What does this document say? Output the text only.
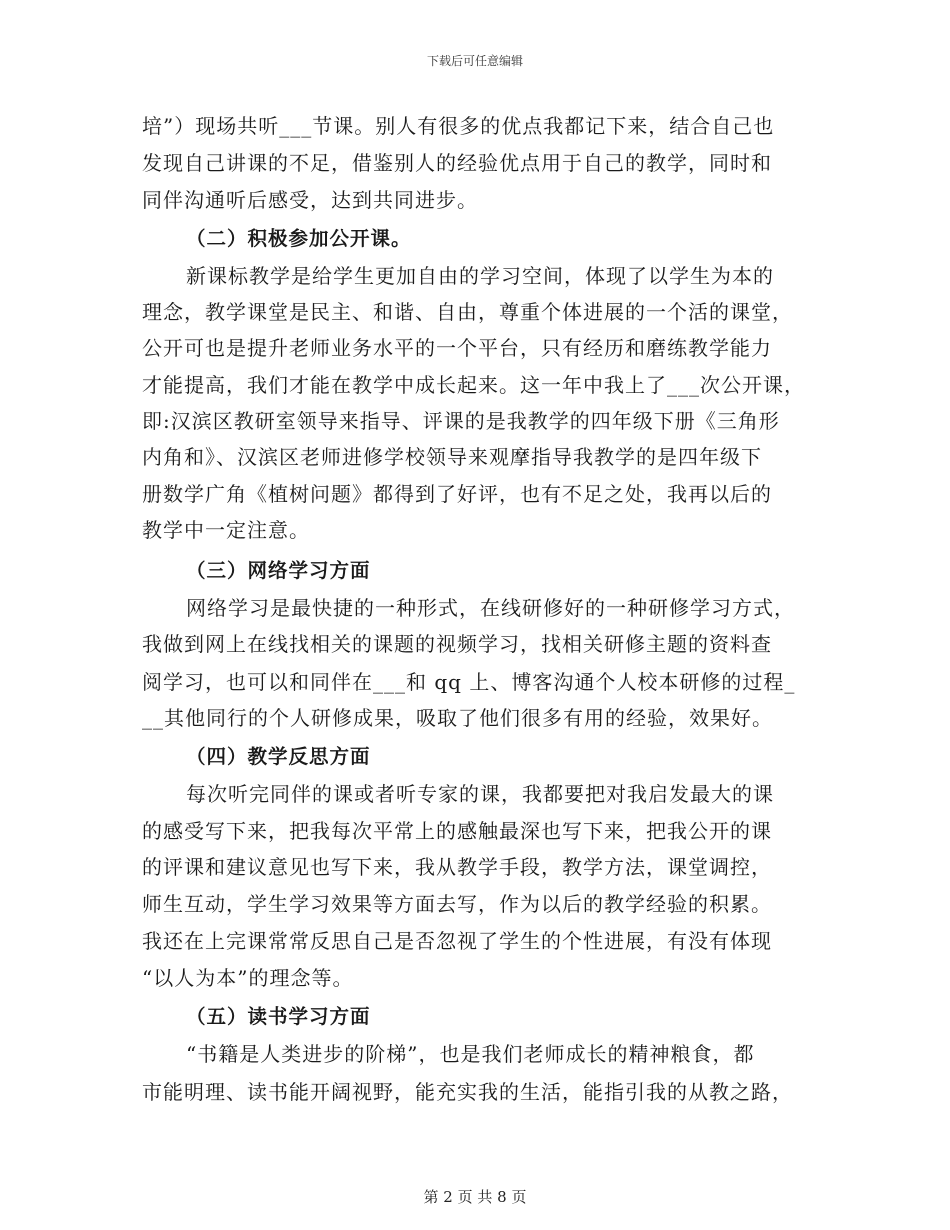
下载后可任意编辑
培”）现场共听___节课。别人有很多的优点我都记下来，结合自己也
发现自己讲课的不足，借鉴别人的经验优点用于自己的教学，同时和
同伴沟通听后感受，达到共同进步。
（二）积极参加公开课。
新课标教学是给学生更加自由的学习空间，体现了以学生为本的
理念，教学课堂是民主、和谐、自由，尊重个体进展的一个活的课堂，
公开可也是提升老师业务水平的一个平台，只有经历和磨练教学能力
才能提高，我们才能在教学中成长起来。这一年中我上了___次公开课，
即:汉滨区教研室领导来指导、评课的是我教学的四年级下册《三角形
内角和》、汉滨区老师进修学校领导来观摩指导我教学的是四年级下
册数学广角《植树问题》都得到了好评，也有不足之处，我再以后的
教学中一定注意。
（三）网络学习方面
网络学习是最快捷的一种形式，在线研修好的一种研修学习方式，
我做到网上在线找相关的课题的视频学习，找相关研修主题的资料查
阅学习，也可以和同伴在___和 qq 上、博客沟通个人校本研修的过程_
__其他同行的个人研修成果，吸取了他们很多有用的经验，效果好。
（四）教学反思方面
每次听完同伴的课或者听专家的课，我都要把对我启发最大的课
的感受写下来，把我每次平常上的感触最深也写下来，把我公开的课
的评课和建议意见也写下来，我从教学手段，教学方法，课堂调控，
师生互动，学生学习效果等方面去写，作为以后的教学经验的积累。
我还在上完课常常反思自己是否忽视了学生的个性进展，有没有体现
“以人为本”的理念等。
（五）读书学习方面
“书籍是人类进步的阶梯”，也是我们老师成长的精神粮食，都
市能明理、读书能开阔视野，能充实我的生活，能指引我的从教之路，
第 2 页 共 8 页
